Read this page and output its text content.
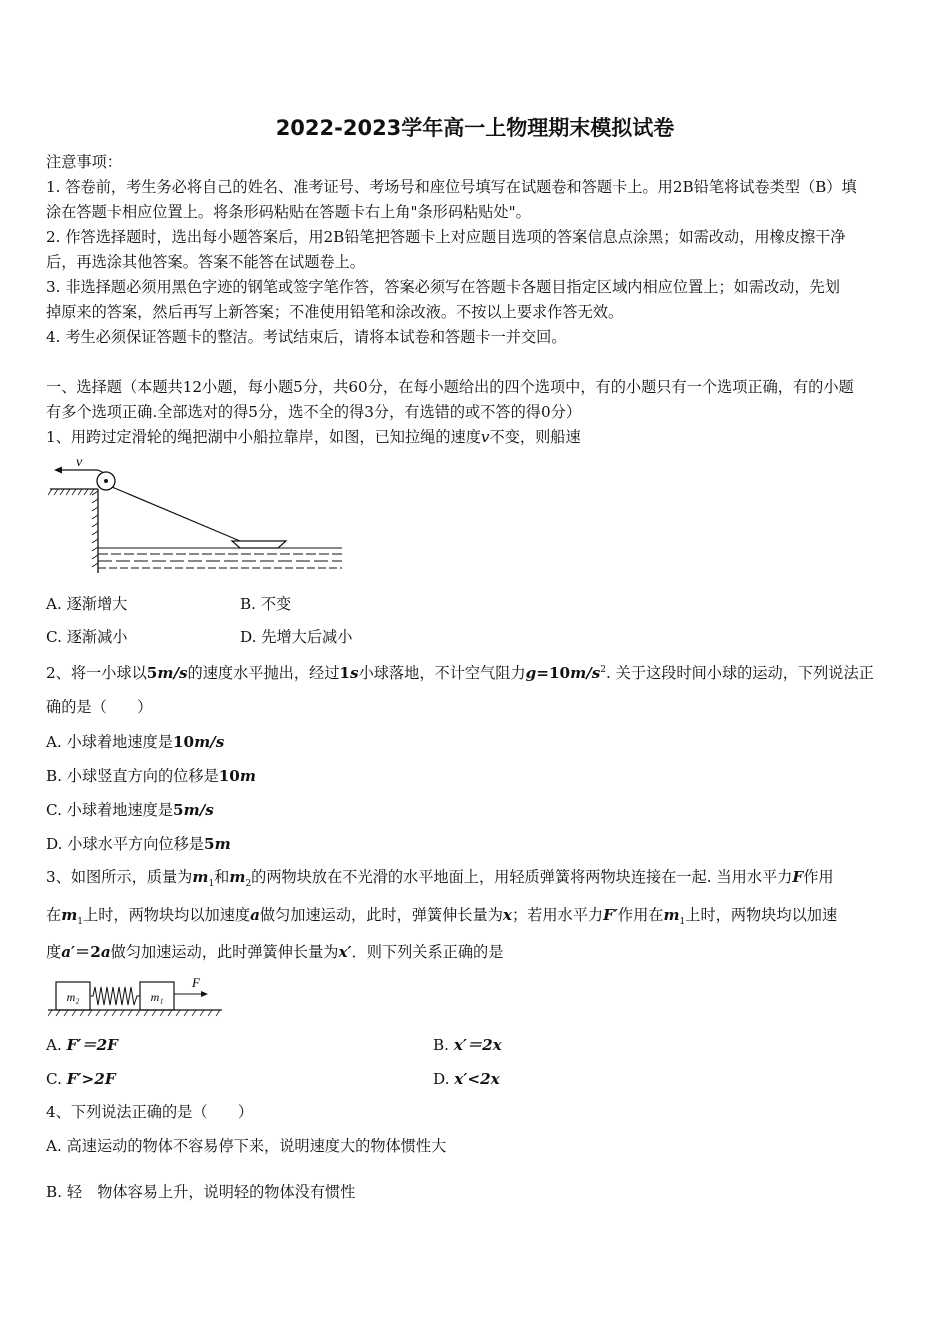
2022-2023学年高一上物理期末模拟试卷
注意事项：
1. 答卷前，考生务必将自己的姓名、准考证号、考场号和座位号填写在试题卷和答题卡上。用2B铅笔将试卷类型（B）填
涂在答题卡相应位置上。将条形码粘贴在答题卡右上角"条形码粘贴处"。
2. 作答选择题时，选出每小题答案后，用2B铅笔把答题卡上对应题目选项的答案信息点涂黑；如需改动，用橡皮擦干净
后，再选涂其他答案。答案不能答在试题卷上。
3. 非选择题必须用黑色字迹的钢笔或签字笔作答，答案必须写在答题卡各题目指定区域内相应位置上；如需改动，先划
掉原来的答案，然后再写上新答案；不准使用铅笔和涂改液。不按以上要求作答无效。
4. 考生必须保证答题卡的整洁。考试结束后，请将本试卷和答题卡一并交回。
一、选择题（本题共12小题，每小题5分，共60分，在每小题给出的四个选项中，有的小题只有一个选项正确，有的小题
有多个选项正确.全部选对的得5分，选不全的得3分，有选错的或不答的得0分）
1、用跨过定滑轮的绳把湖中小船拉靠岸，如图，已知拉绳的速度v不变，则船速
v
A. 逐渐增大	B. 不变
C. 逐渐减小	D. 先增大后减小
2、将一小球以5m/s的速度水平抛出，经过1s小球落地，不计空气阻力$g=10m/s^2$. 关于这段时间小球的运动，下列说法正
确的是（　　）
A. 小球着地速度是10m/s
B. 小球竖直方向的位移是10m
C. 小球着地速度是5m/s
D. 小球水平方向位移是5m
3、如图所示，质量为$m_1$和$m_2$的两物块放在不光滑的水平地面上，用轻质弹簧将两物块连接在一起. 当用水平力F作用
在$m_1$上时，两物块均以加速度a做匀加速运动，此时，弹簧伸长量为x；若用水平力F′作用在$m_1$上时，两物块均以加速
度a′＝2a做匀加速运动，此时弹簧伸长量为x′．则下列关系正确的是
m₂	m₁
F
A. F′＝2F	B. x′＝2x
C. F′>2F	D. x′<2x
4、下列说法正确的是（　　）
A. 高速运动的物体不容易停下来，说明速度大的物体惯性大
B. 轻　物体容易上升，说明轻的物体没有惯性
